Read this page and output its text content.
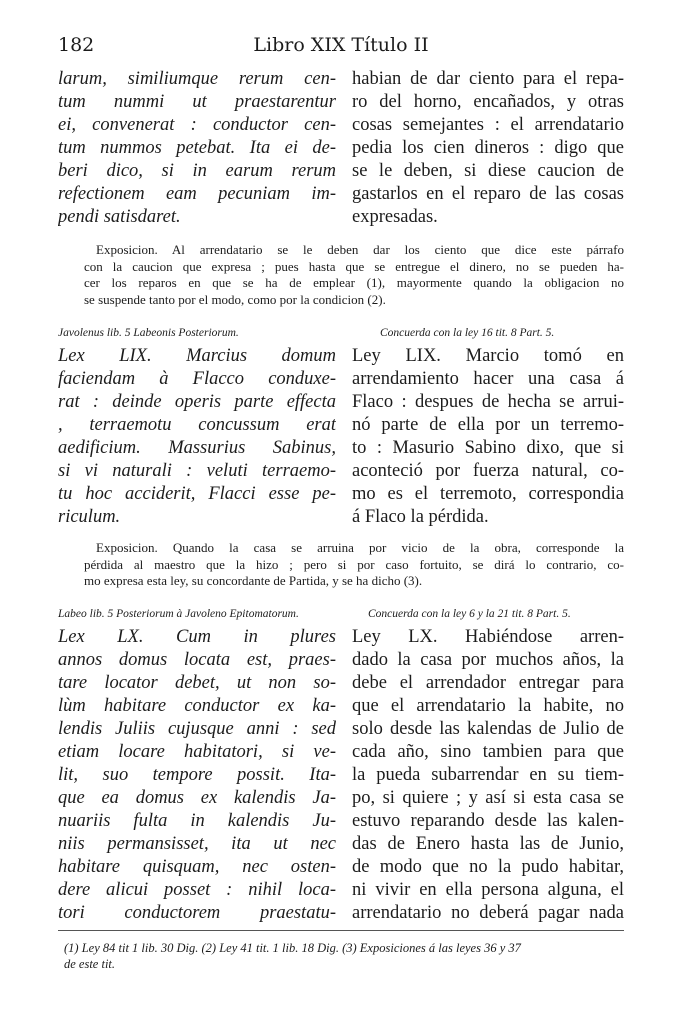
182	Libro XIX Título II
larum, similiumque rerum cen-
tum nummi ut praestarentur
ei, convenerat : conductor cen-
tum nummos petebat. Ita ei de-
beri dico, si in earum rerum
refectionem eam pecuniam im-
pendi satisdaret.
habian de dar ciento para el repa-
ro del horno, encañados, y otras
cosas semejantes : el arrendatario
pedia los cien dineros : digo que
se le deben, si diese caucion de
gastarlos en el reparo de las cosas
expresadas.
Exposicion. Al arrendatario se le deben dar los ciento que dice este párrafo
con la caucion que expresa ; pues hasta que se entregue el dinero, no se pueden ha-
cer los reparos en que se ha de emplear (1), mayormente quando la obligacion no
se suspende tanto por el modo, como por la condicion (2).
Javolenus lib. 5 Labeonis Posteriorum.	Concuerda con la ley 16 tit. 8 Part. 5.
Lex LIX. Marcius domum
faciendam à Flacco conduxe-
rat : deinde operis parte effecta
, terraemotu concussum erat
aedificium. Massurius Sabinus,
si vi naturali : veluti terraemo-
tu hoc acciderit, Flacci esse pe-
riculum.
Ley LIX. Marcio tomó en
arrendamiento hacer una casa á
Flaco : despues de hecha se arrui-
nó parte de ella por un terremo-
to : Masurio Sabino dixo, que si
aconteció por fuerza natural, co-
mo es el terremoto, correspondia
á Flaco la pérdida.
Exposicion. Quando la casa se arruina por vicio de la obra, corresponde la
pérdida al maestro que la hizo ; pero si por caso fortuito, se dirá lo contrario, co-
mo expresa esta ley, su concordante de Partida, y se ha dicho (3).
Labeo lib. 5 Posteriorum à Javoleno Epitomatorum.	Concuerda con la ley 6 y la 21 tit. 8 Part. 5.
Lex LX. Cum in plures
annos domus locata est, praes-
tare locator debet, ut non so-
lùm habitare conductor ex ka-
lendis Juliis cujusque anni : sed
etiam locare habitatori, si ve-
lit, suo tempore possit. Ita-
que ea domus ex kalendis Ja-
nuariis fulta in kalendis Ju-
niis permansisset, ita ut nec
habitare quisquam, nec osten-
dere alicui posset : nihil loca-
tori conductorem praestatu-
Ley LX. Habiéndose arren-
dado la casa por muchos años, la
debe el arrendador entregar para
que el arrendatario la habite, no
solo desde las kalendas de Julio de
cada año, sino tambien para que
la pueda subarrendar en su tiem-
po, si quiere ; y así si esta casa se
estuvo reparando desde las kalen-
das de Enero hasta las de Junio,
de modo que no la pudo habitar,
ni vivir en ella persona alguna, el
arrendatario no deberá pagar nada
(1) Ley 84 tit 1 lib. 30 Dig. (2) Ley 41 tit. 1 lib. 18 Dig. (3) Exposiciones á las leyes 36 y 37
de este tit.
